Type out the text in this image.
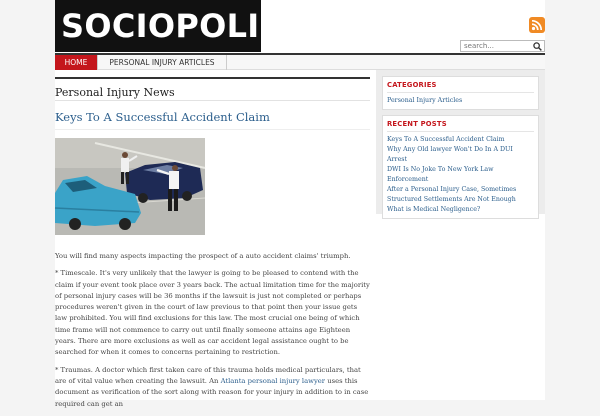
SOCIOPOLIS
search...
HOME	PERSONAL INJURY ARTICLES
Personal Injury News
Keys To A Successful Accident Claim

You will find many aspects impacting the prospect of a auto accident claims' triumph.

* Timescale. It's very unlikely that the lawyer is going to be pleased to contend with the claim if your event took place over 3 years back. The actual limitation time for the majority of personal injury cases will be 36 months if the lawsuit is just not completed or perhaps procedures weren't given in the court of law previous to that point then your issue gets law prohibited. You will find exclusions for this law. The most crucial one being of which time frame will not commence to carry out until finally someone attains age Eighteen years. There are more exclusions as well as car accident legal assistance ought to be searched for when it comes to concerns pertaining to restriction.

* Traumas. A doctor which first taken care of this trauma holds medical particulars, that are of vital value when creating the lawsuit. An Atlanta personal injury lawyer uses this document as verification of the sort along with reason for your injury in addition to in case required can get an

CATEGORIES
Personal Injury Articles
RECENT POSTS
Keys To A Successful Accident Claim
Why Any Old lawyer Won't Do In A DUI Arrest
DWI Is No Joke To New York Law Enforcement
After a Personal Injury Case, Sometimes
Structured Settlements Are Not Enough
What is Medical Negligence?
